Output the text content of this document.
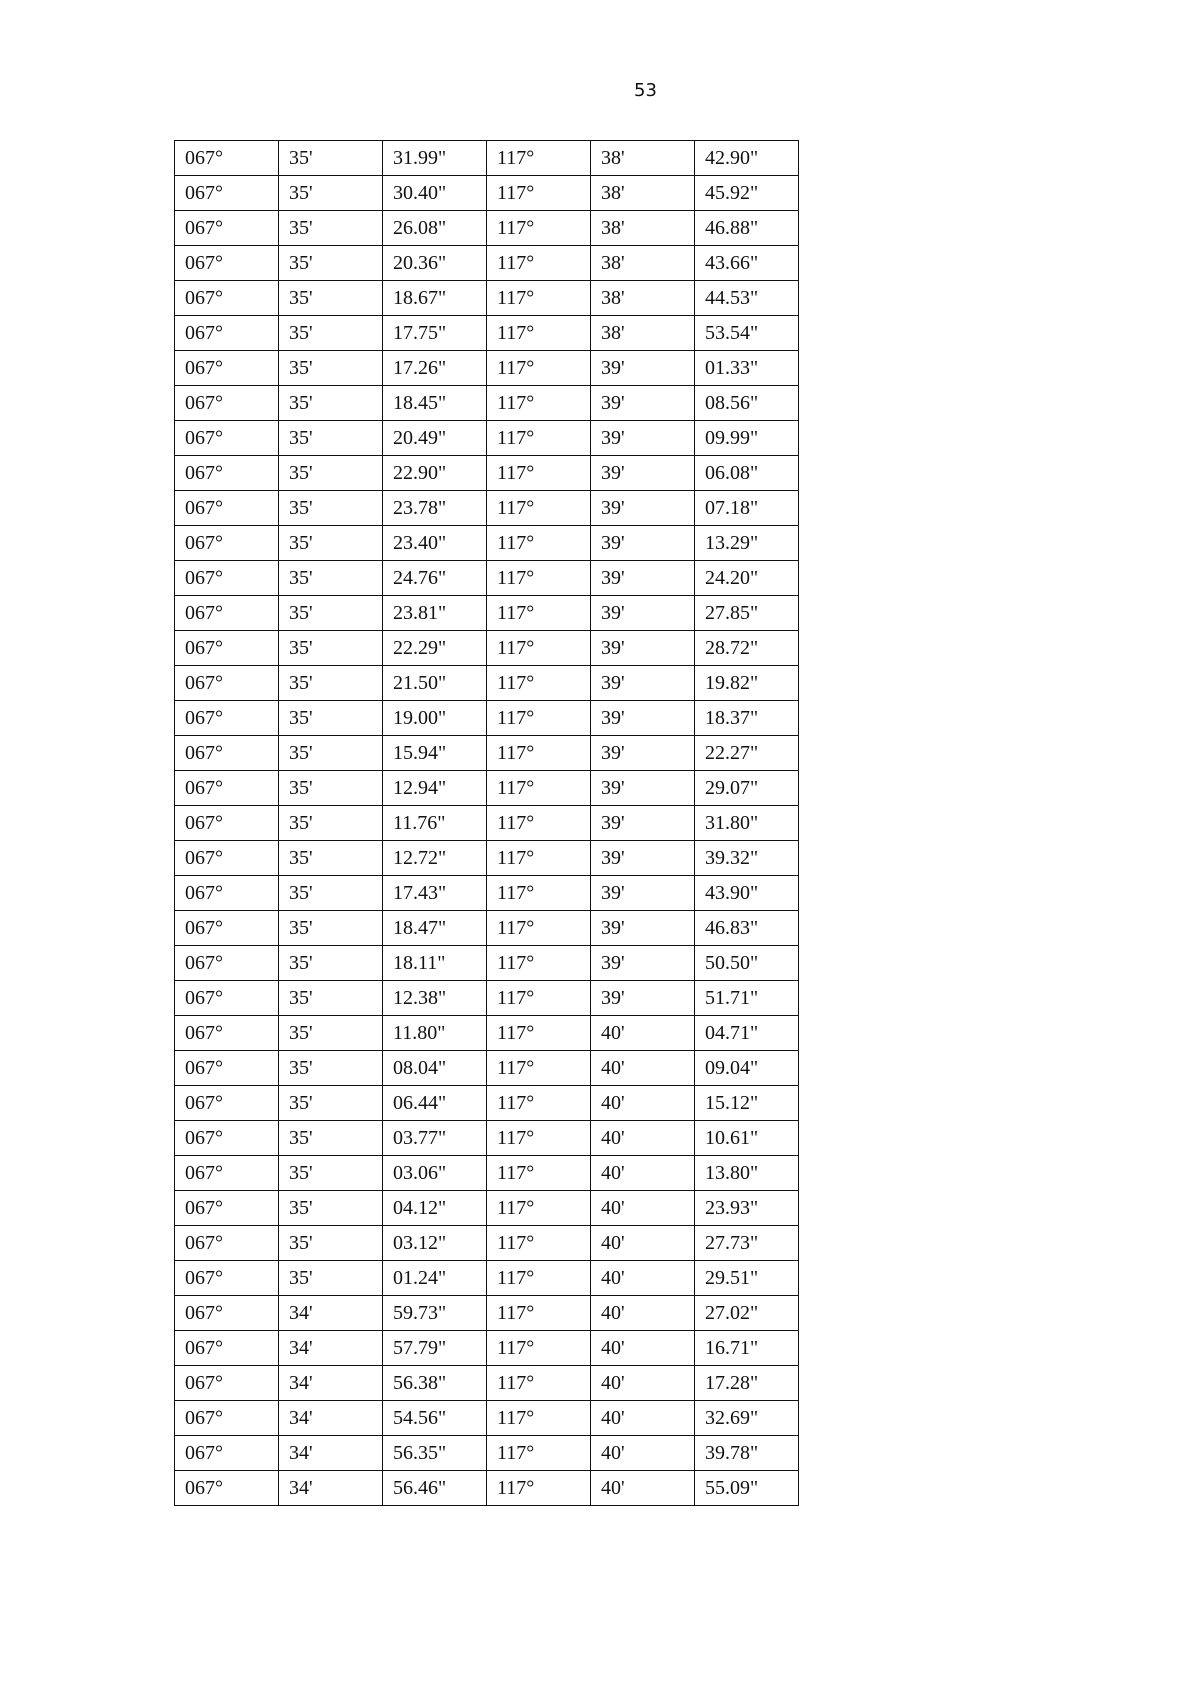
53
067°	35'	31.99"	117°	38'	42.90"
067°	35'	30.40"	117°	38'	45.92"
067°	35'	26.08"	117°	38'	46.88"
067°	35'	20.36"	117°	38'	43.66"
067°	35'	18.67"	117°	38'	44.53"
067°	35'	17.75"	117°	38'	53.54"
067°	35'	17.26"	117°	39'	01.33"
067°	35'	18.45"	117°	39'	08.56"
067°	35'	20.49"	117°	39'	09.99"
067°	35'	22.90"	117°	39'	06.08"
067°	35'	23.78"	117°	39'	07.18"
067°	35'	23.40"	117°	39'	13.29"
067°	35'	24.76"	117°	39'	24.20"
067°	35'	23.81"	117°	39'	27.85"
067°	35'	22.29"	117°	39'	28.72"
067°	35'	21.50"	117°	39'	19.82"
067°	35'	19.00"	117°	39'	18.37"
067°	35'	15.94"	117°	39'	22.27"
067°	35'	12.94"	117°	39'	29.07"
067°	35'	11.76"	117°	39'	31.80"
067°	35'	12.72"	117°	39'	39.32"
067°	35'	17.43"	117°	39'	43.90"
067°	35'	18.47"	117°	39'	46.83"
067°	35'	18.11"	117°	39'	50.50"
067°	35'	12.38"	117°	39'	51.71"
067°	35'	11.80"	117°	40'	04.71"
067°	35'	08.04"	117°	40'	09.04"
067°	35'	06.44"	117°	40'	15.12"
067°	35'	03.77"	117°	40'	10.61"
067°	35'	03.06"	117°	40'	13.80"
067°	35'	04.12"	117°	40'	23.93"
067°	35'	03.12"	117°	40'	27.73"
067°	35'	01.24"	117°	40'	29.51"
067°	34'	59.73"	117°	40'	27.02"
067°	34'	57.79"	117°	40'	16.71"
067°	34'	56.38"	117°	40'	17.28"
067°	34'	54.56"	117°	40'	32.69"
067°	34'	56.35"	117°	40'	39.78"
067°	34'	56.46"	117°	40'	55.09"
